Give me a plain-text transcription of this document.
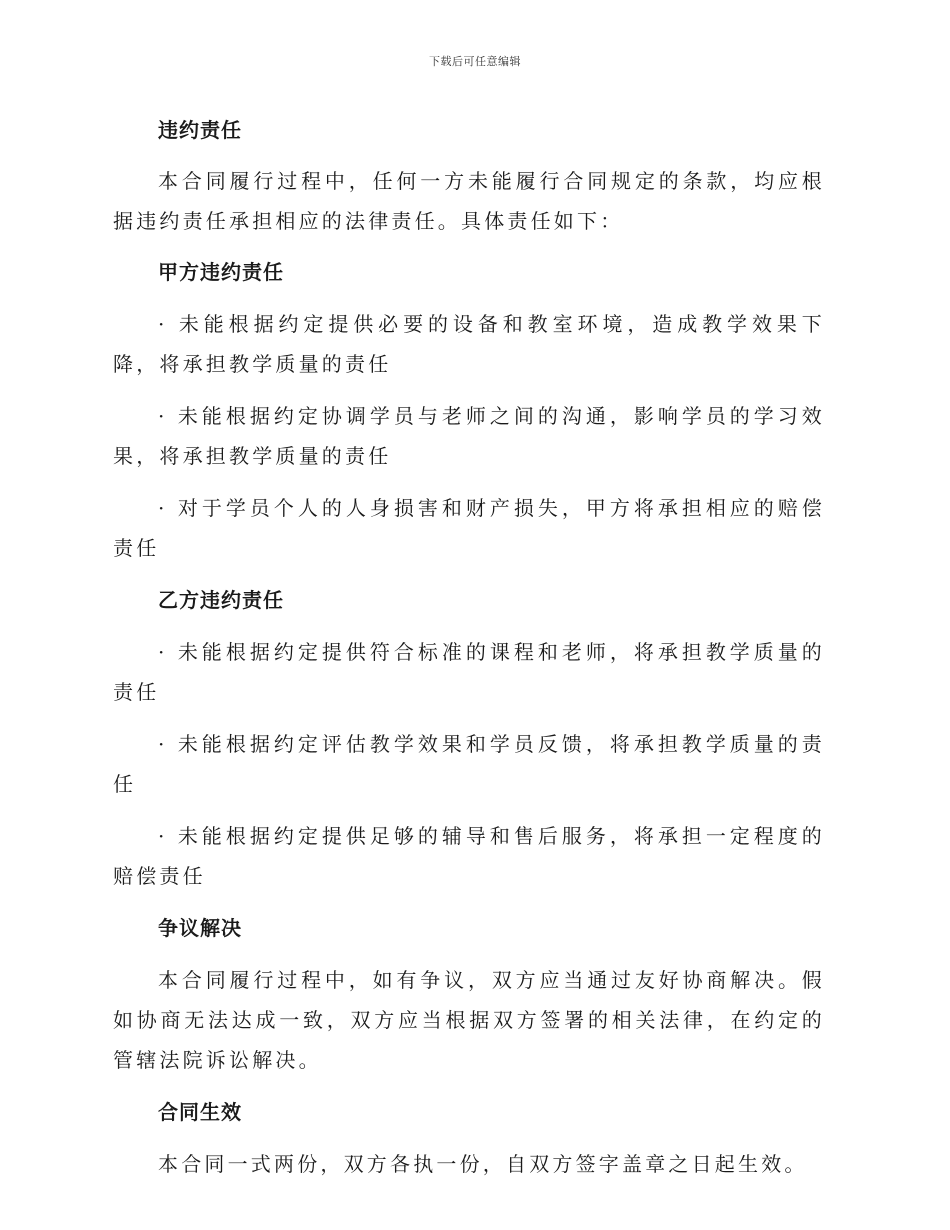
下载后可任意编辑
违约责任

本合同履行过程中，任何一方未能履行合同规定的条款，均应根据违约责任承担相应的法律责任。具体责任如下：

甲方违约责任

· 未能根据约定提供必要的设备和教室环境，造成教学效果下降，将承担教学质量的责任

· 未能根据约定协调学员与老师之间的沟通，影响学员的学习效果，将承担教学质量的责任

· 对于学员个人的人身损害和财产损失，甲方将承担相应的赔偿责任

乙方违约责任

· 未能根据约定提供符合标准的课程和老师，将承担教学质量的责任

· 未能根据约定评估教学效果和学员反馈，将承担教学质量的责任

· 未能根据约定提供足够的辅导和售后服务，将承担一定程度的赔偿责任

争议解决

本合同履行过程中，如有争议，双方应当通过友好协商解决。假如协商无法达成一致，双方应当根据双方签署的相关法律，在约定的管辖法院诉讼解决。

合同生效

本合同一式两份，双方各执一份，自双方签字盖章之日起生效。
